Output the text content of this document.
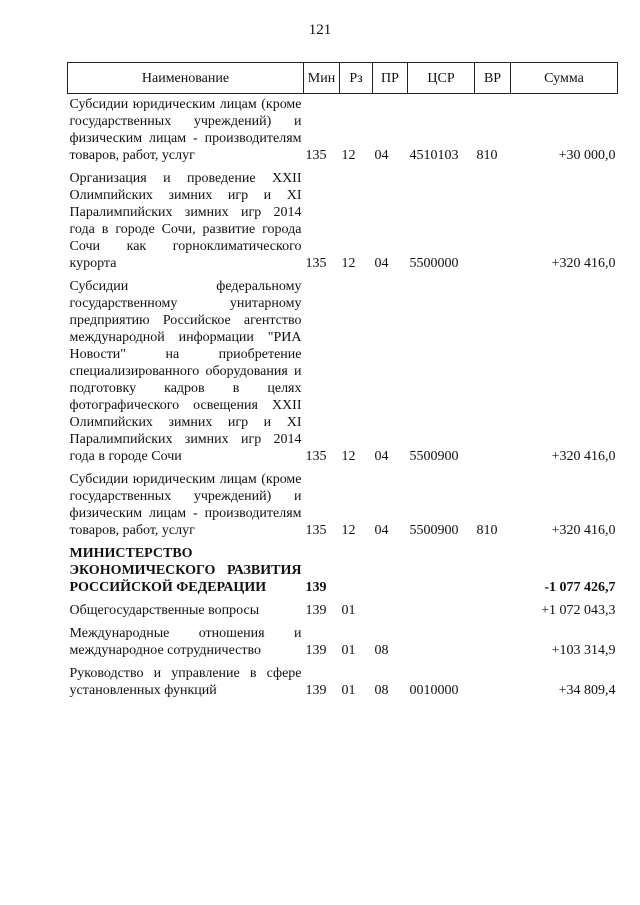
121
Наименование	Мин	Рз	ПР	ЦСР	ВР	Сумма
Субсидии юридическим лицам (кроме государственных учреждений) и физическим лицам - производителям товаров, работ, услуг	135	12	04	4510103	810	+30 000,0
Организация и проведение XXII Олимпийских зимних игр и XI Паралимпийских зимних игр 2014 года в городе Сочи, развитие города Сочи как горноклиматического курорта	135	12	04	5500000		+320 416,0
Субсидии федеральному государственному унитарному предприятию Российское агентство международной информации "РИА Новости" на приобретение специализированного оборудования и подготовку кадров в целях фотографического освещения XXII Олимпийских зимних игр и XI Паралимпийских зимних игр 2014 года в городе Сочи	135	12	04	5500900		+320 416,0
Субсидии юридическим лицам (кроме государственных учреждений) и физическим лицам - производителям товаров, работ, услуг	135	12	04	5500900	810	+320 416,0
МИНИСТЕРСТВО ЭКОНОМИЧЕСКОГО РАЗВИТИЯ РОССИЙСКОЙ ФЕДЕРАЦИИ	139					-1 077 426,7
Общегосударственные вопросы	139	01				+1 072 043,3
Международные отношения и международное сотрудничество	139	01	08			+103 314,9
Руководство и управление в сфере установленных функций	139	01	08	0010000		+34 809,4
